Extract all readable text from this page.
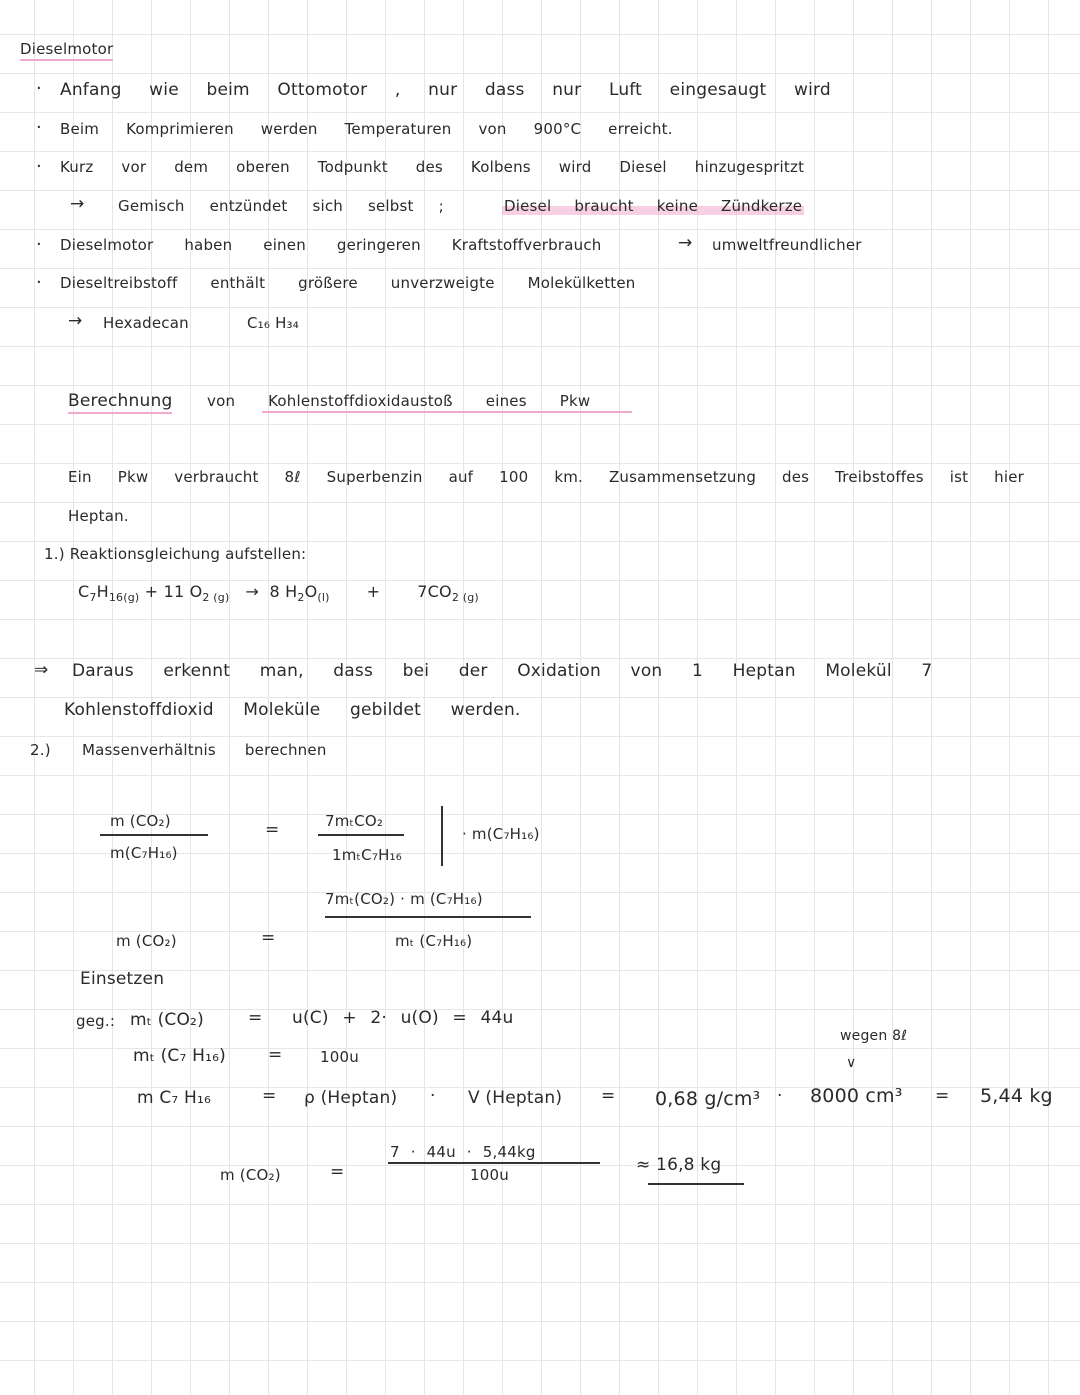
Dieselmotor
· Anfang wie beim Ottomotor , nur dass nur Luft eingesaugt wird
· Beim Komprimieren werden Temperaturen von 900°C erreicht.
· Kurz vor dem oberen Todpunkt des Kolbens wird Diesel hinzugespritzt
→ Gemisch entzündet sich selbst ;	Diesel braucht keine Zündkerze
· Dieselmotor haben einen geringeren Kraftstoffverbrauch	→ umweltfreundlicher
· Dieseltreibstoff enthält größere unverzweigte Molekülketten
→ Hexadecan	C₁₆ H₃₄
Berechnung von Kohlenstoffdioxidaustoß eines Pkw
Ein Pkw verbraucht 8ℓ Superbenzin auf 100 km. Zusammensetzung des Treibstoffes ist hier
Heptan.
1.) Reaktionsgleichung aufstellen:
$C_7H_{16(g)} + 11$ $O_{2 (g)} \to 8$ $H_2O_{(l)}$ +       $7CO_{2 (g)}$
⇒ Daraus erkennt man, dass bei der Oxidation von 1 Heptan Molekül 7
Kohlenstoffdioxid Moleküle gebildet werden.
2.) Massenverhältnis berechnen
m (CO₂)
m(C₇H₁₆)
=	7mₜCO₂
1mₜC₇H₁₆
· m(C₇H₁₆)
7mₜ(CO₂) · m (C₇H₁₆)
m (CO₂)	=	mₜ (C₇H₁₆)
Einsetzen
geg.: mₜ (CO₂)	= u(C) + 2· u(O) = 44u
wegen 8ℓ
∨
mₜ (C₇ H₁₆) =	100u
m C₇ H₁₆	= ρ (Heptan) · V (Heptan) = 0,68 g/cm³ · 8000 cm³ = 5,44 kg
7 · 44u · 5,44kg
100u
m (CO₂)	=	≈ 16,8 kg
